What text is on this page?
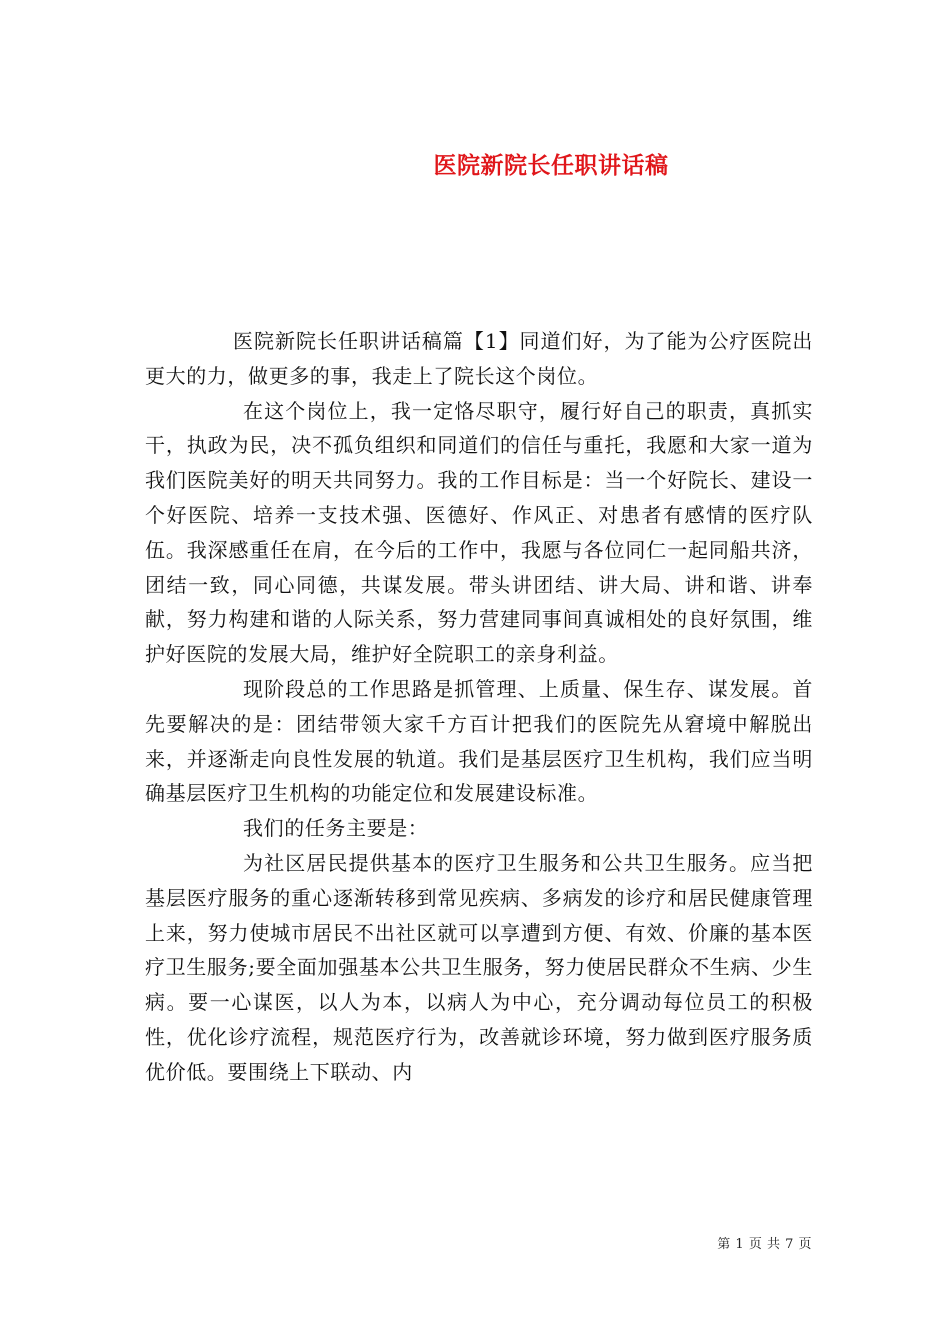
医院新院长任职讲话稿

医院新院长任职讲话稿篇【1】同道们好，为了能为公疗医院出更大的力，做更多的事，我走上了院长这个岗位。

在这个岗位上，我一定恪尽职守，履行好自己的职责，真抓实干，执政为民，决不孤负组织和同道们的信任与重托，我愿和大家一道为我们医院美好的明天共同努力。我的工作目标是：当一个好院长、建设一个好医院、培养一支技术强、医德好、作风正、对患者有感情的医疗队伍。我深感重任在肩，在今后的工作中，我愿与各位同仁一起同船共济，团结一致，同心同德，共谋发展。带头讲团结、讲大局、讲和谐、讲奉献，努力构建和谐的人际关系，努力营建同事间真诚相处的良好氛围，维护好医院的发展大局，维护好全院职工的亲身利益。

现阶段总的工作思路是抓管理、上质量、保生存、谋发展。首先要解决的是：团结带领大家千方百计把我们的医院先从窘境中解脱出来，并逐渐走向良性发展的轨道。我们是基层医疗卫生机构，我们应当明确基层医疗卫生机构的功能定位和发展建设标准。

我们的任务主要是：

为社区居民提供基本的医疗卫生服务和公共卫生服务。应当把基层医疗服务的重心逐渐转移到常见疾病、多病发的诊疗和居民健康管理上来，努力使城市居民不出社区就可以享遭到方便、有效、价廉的基本医疗卫生服务;要全面加强基本公共卫生服务，努力使居民群众不生病、少生病。要一心谋医，以人为本，以病人为中心，充分调动每位员工的积极性，优化诊疗流程，规范医疗行为，改善就诊环境，努力做到医疗服务质优价低。要围绕上下联动、内

第 1 页 共 7 页
